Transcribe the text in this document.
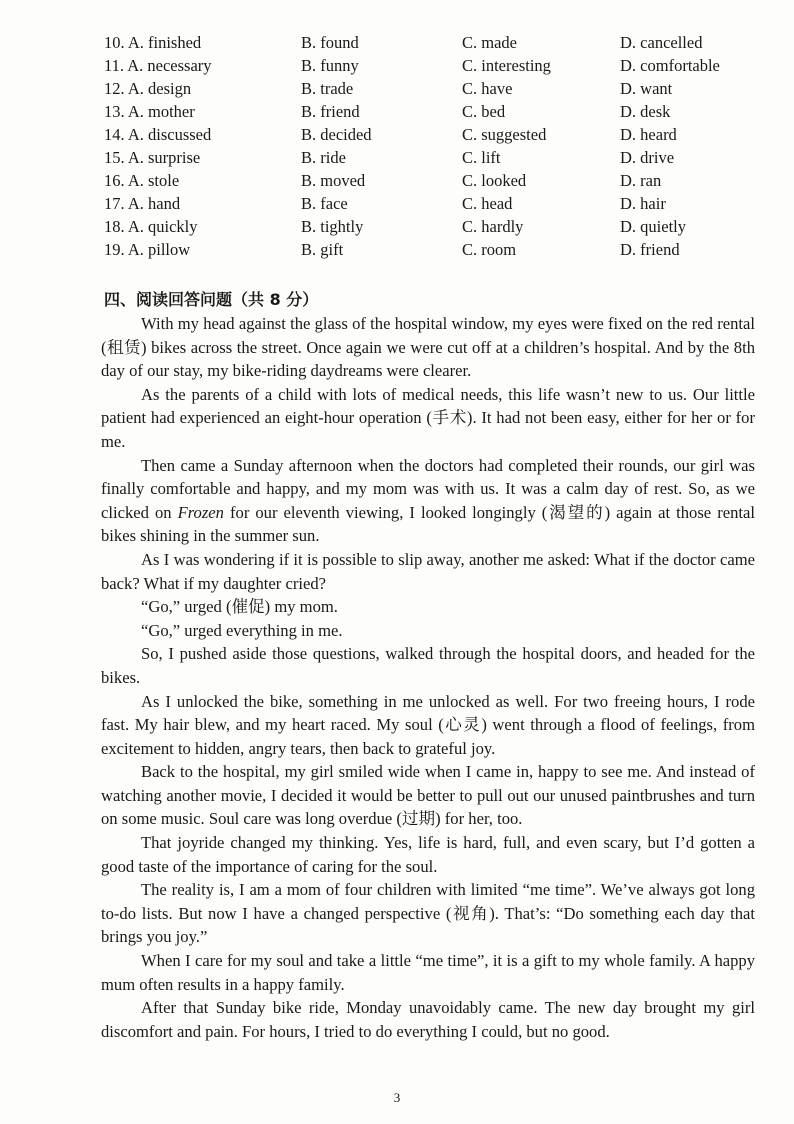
10. A. finished	B. found	C. made	D. cancelled
11. A. necessary	B. funny	C. interesting	D. comfortable
12. A. design	B. trade	C. have	D. want
13. A. mother	B. friend	C. bed	D. desk
14. A. discussed	B. decided	C. suggested	D. heard
15. A. surprise	B. ride	C. lift	D. drive
16. A. stole	B. moved	C. looked	D. ran
17. A. hand	B. face	C. head	D. hair
18. A. quickly	B. tightly	C. hardly	D. quietly
19. A. pillow	B. gift	C. room	D. friend
四、阅读回答问题（共 8 分）

With my head against the glass of the hospital window, my eyes were fixed on the red rental (租赁) bikes across the street. Once again we were cut off at a children’s hospital. And by the 8th day of our stay, my bike-riding daydreams were clearer.

As the parents of a child with lots of medical needs, this life wasn’t new to us. Our little patient had experienced an eight-hour operation (手术). It had not been easy, either for her or for me.

Then came a Sunday afternoon when the doctors had completed their rounds, our girl was finally comfortable and happy, and my mom was with us. It was a calm day of rest. So, as we clicked on Frozen for our eleventh viewing, I looked longingly (渴望的) again at those rental bikes shining in the summer sun.

As I was wondering if it is possible to slip away, another me asked: What if the doctor came back? What if my daughter cried?

“Go,” urged (催促) my mom.

“Go,” urged everything in me.

So, I pushed aside those questions, walked through the hospital doors, and headed for the bikes.

As I unlocked the bike, something in me unlocked as well. For two freeing hours, I rode fast. My hair blew, and my heart raced. My soul (心灵) went through a flood of feelings, from excitement to hidden, angry tears, then back to grateful joy.

Back to the hospital, my girl smiled wide when I came in, happy to see me. And instead of watching another movie, I decided it would be better to pull out our unused paintbrushes and turn on some music. Soul care was long overdue (过期) for her, too.

That joyride changed my thinking. Yes, life is hard, full, and even scary, but I’d gotten a good taste of the importance of caring for the soul.

The reality is, I am a mom of four children with limited “me time”. We’ve always got long to-do lists. But now I have a changed perspective (视角). That’s: “Do something each day that brings you joy.”

When I care for my soul and take a little “me time”, it is a gift to my whole family. A happy mum often results in a happy family.

After that Sunday bike ride, Monday unavoidably came. The new day brought my girl discomfort and pain. For hours, I tried to do everything I could, but no good.

3
